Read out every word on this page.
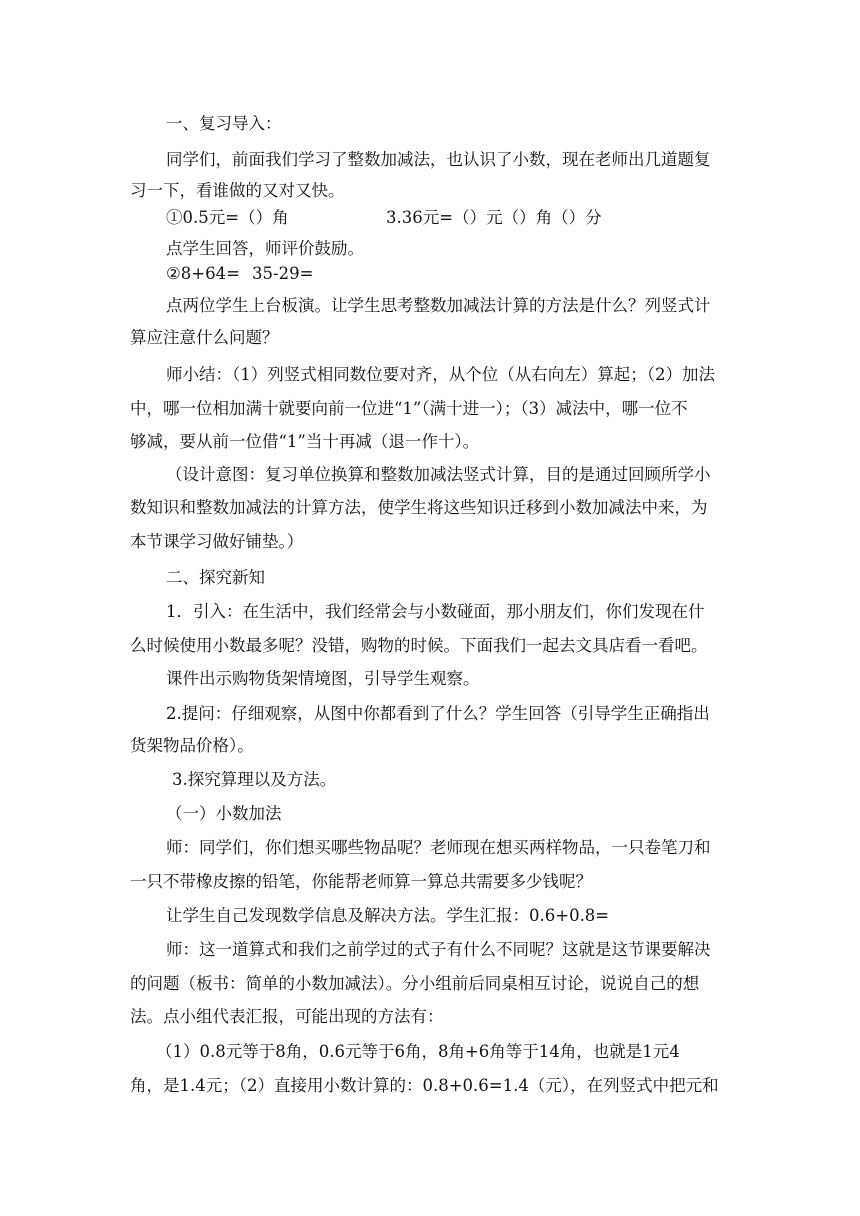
一、复习导入：
同学们，前面我们学习了整数加减法，也认识了小数，现在老师出几道题复
习一下，看谁做的又对又快。
①0.5元=（）角	3.36元=（）元（）角（）分
点学生回答，师评价鼓励。
②8+64= 35-29=
点两位学生上台板演。让学生思考整数加减法计算的方法是什么？列竖式计
算应注意什么问题？
师小结：（1）列竖式相同数位要对齐，从个位（从右向左）算起；（2）加法
中，哪一位相加满十就要向前一位进“1”（满十进一）；（3）减法中，哪一位不
够减，要从前一位借“1”当十再减（退一作十）。
（设计意图：复习单位换算和整数加减法竖式计算，目的是通过回顾所学小
数知识和整数加减法的计算方法，使学生将这些知识迁移到小数加减法中来，为
本节课学习做好铺垫。）
二、探究新知
1．引入：在生活中，我们经常会与小数碰面，那小朋友们，你们发现在什
么时候使用小数最多呢？没错，购物的时候。下面我们一起去文具店看一看吧。
课件出示购物货架情境图，引导学生观察。
2.提问：仔细观察，从图中你都看到了什么？学生回答（引导学生正确指出
货架物品价格）。
3.探究算理以及方法。
（一）小数加法
师：同学们，你们想买哪些物品呢？老师现在想买两样物品，一只卷笔刀和
一只不带橡皮擦的铅笔，你能帮老师算一算总共需要多少钱呢？
让学生自己发现数学信息及解决方法。学生汇报：0.6+0.8=
师：这一道算式和我们之前学过的式子有什么不同呢？这就是这节课要解决
的问题（板书：简单的小数加减法）。分小组前后同桌相互讨论，说说自己的想
法。点小组代表汇报，可能出现的方法有：
（1）0.8元等于8角，0.6元等于6角，8角+6角等于14角，也就是1元4
角，是1.4元；（2）直接用小数计算的：0.8+0.6=1.4（元），在列竖式中把元和
